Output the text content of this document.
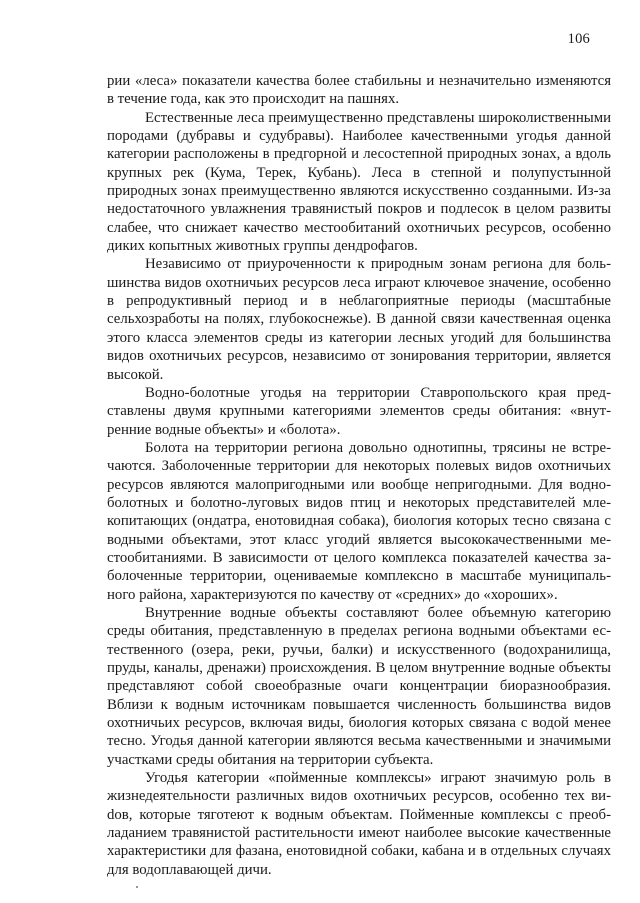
106

рии «леса» показатели качества более стабильны и незначительно изменяются в течение года, как это происходит на пашнях.

Естественные леса преимущественно представлены широколиственными породами (дубравы и судубравы). Наиболее качественными угодья данной категории расположены в предгорной и лесостепной природных зонах, а вдоль крупных рек (Кума, Терек, Кубань). Леса в степной и полупустынной природных зонах преимущественно являются искусственно созданными. Из-за недостаточного увлажнения травянистый покров и подлесок в целом развиты слабее, что снижает качество местообитаний охотничьих ресурсов, особенно диких копытных животных группы дендрофагов.

Независимо от приуроченности к природным зонам региона для большинства видов охотничьих ресурсов леса играют ключевое значение, особенно в репродуктивный период и в неблагоприятные периоды (масштабные сельхозработы на полях, глубокоснежье). В данной связи качественная оценка этого класса элементов среды из категории лесных угодий для большинства видов охотничьих ресурсов, независимо от зонирования территории, является высокой.

Водно-болотные угодья на территории Ставропольского края представлены двумя крупными категориями элементов среды обитания: «внутренние водные объекты» и «болота».

Болота на территории региона довольно однотипны, трясины не встречаются. Заболоченные территории для некоторых полевых видов охотничьих ресурсов являются малопригодными или вообще непригодными. Для водноболотных и болотно-луговых видов птиц и некоторых представителей млекопитающих (ондатра, енотовидная собака), биология которых тесно связана с водными объектами, этот класс угодий является высококачественными местообитаниями. В зависимости от целого комплекса показателей качества заболоченные территории, оцениваемые комплексно в масштабе муниципального района, характеризуются по качеству от «средних» до «хороших».

Внутренние водные объекты составляют более объемную категорию среды обитания, представленную в пределах региона водными объектами естественного (озера, реки, ручьи, балки) и искусственного (водохранилища, пруды, каналы, дренажи) происхождения. В целом внутренние водные объекты представляют собой своеобразные очаги концентрации биоразнообразия. Вблизи к водным источникам повышается численность большинства видов охотничьих ресурсов, включая виды, биология которых связана с водой менее тесно. Угодья данной категории являются весьма качественными и значимыми участками среды обитания на территории субъекта.

Угодья категории «пойменные комплексы» играют значимую роль в жизнедеятельности различных видов охотничьих ресурсов, особенно тех виdов, которые тяготеют к водным объектам. Пойменные комплексы с преобладанием травянистой растительности имеют наиболее высокие качественные характеристики для фазана, енотовидной собаки, кабана и в отдельных случаях для водоплавающей дичи.
